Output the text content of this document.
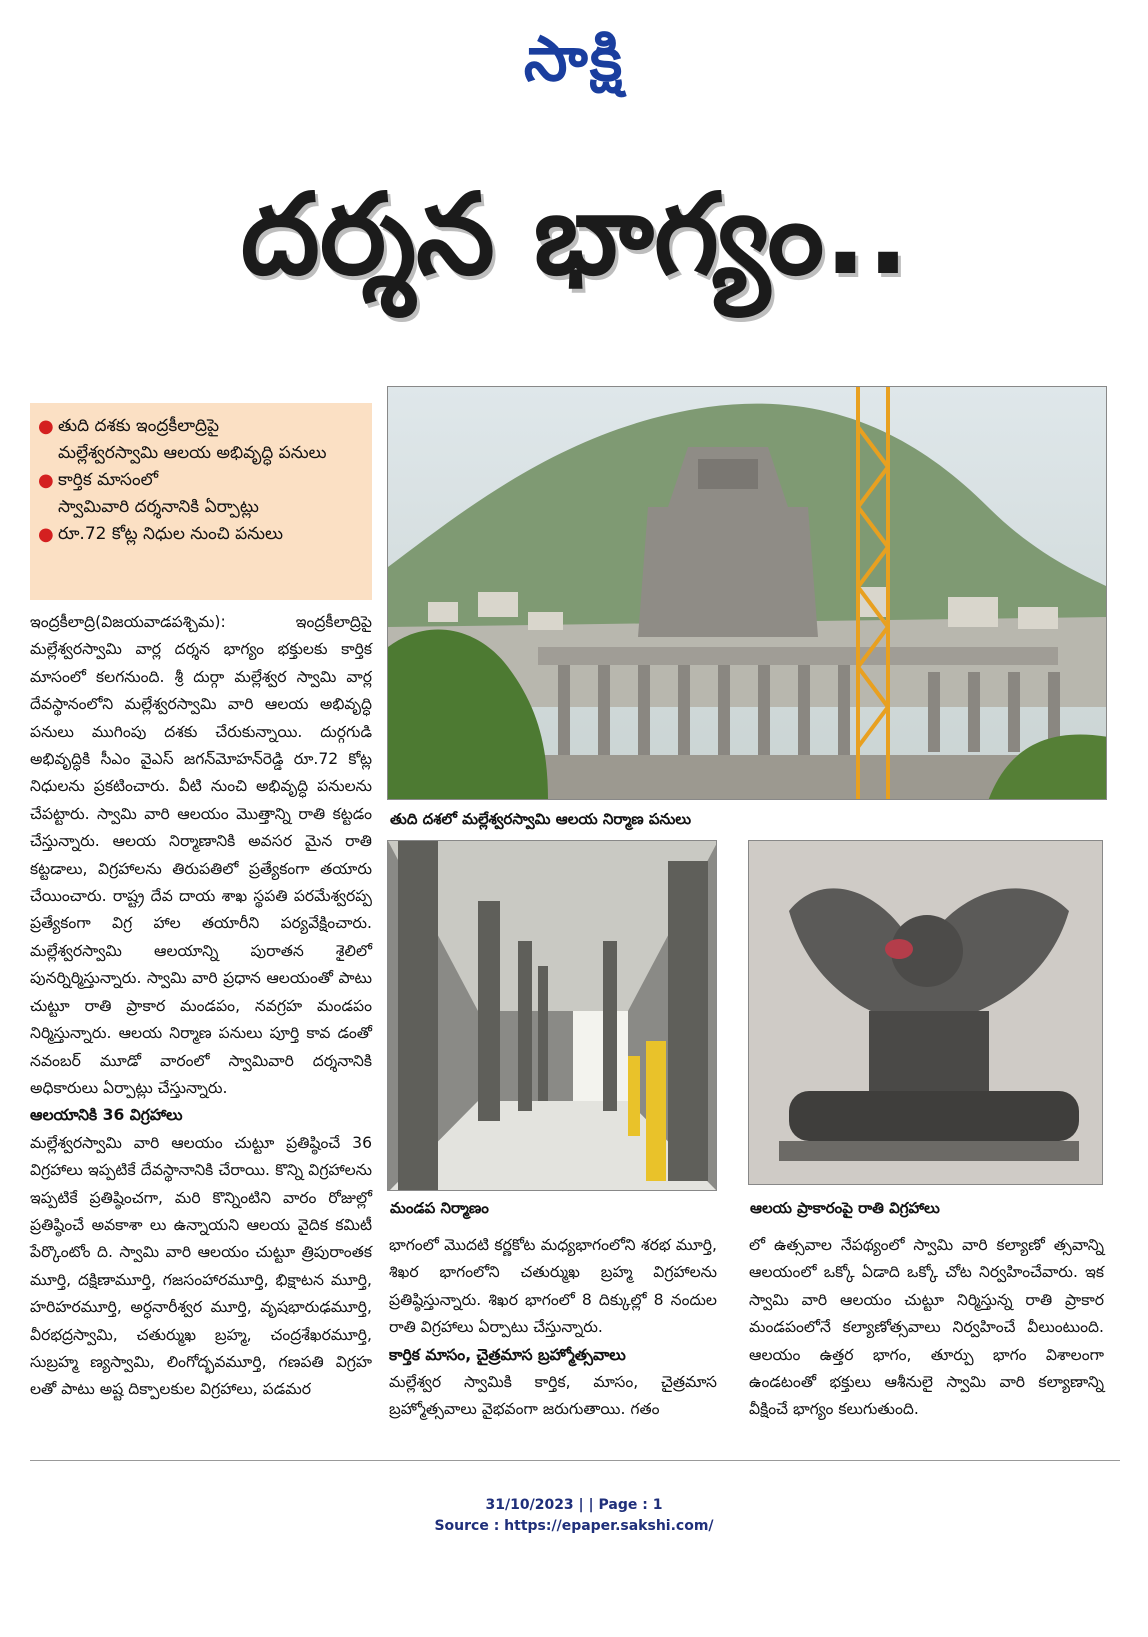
సాక్షి
దర్శన భాగ్యం..
● తుది దశకు ఇంద్రకీలాద్రిపై
మల్లేశ్వరస్వామి ఆలయ అభివృద్ధి పనులు
● కార్తిక మాసంలో
స్వామివారి దర్శనానికి ఏర్పాట్లు
● రూ.72 కోట్ల నిధుల నుంచి పనులు

ఇంద్రకీలాద్రి(విజయవాడపశ్చిమ): ఇంద్రకీలాద్రిపై మల్లేశ్వరస్వామి వార్ల దర్శన భాగ్యం భక్తులకు కార్తిక మాసంలో కలగనుంది. శ్రీ దుర్గా మల్లేశ్వర స్వామి వార్ల దేవస్థానంలోని మల్లేశ్వరస్వామి వారి ఆలయ అభివృద్ధి పనులు ముగింపు దశకు చేరుకున్నాయి. దుర్గగుడి అభివృద్ధికి సీఎం వైఎస్ జగన్‌మోహన్‌రెడ్డి రూ.72 కోట్ల నిధులను ప్రకటించారు. వీటి నుంచి అభివృద్ధి పనులను చేపట్టారు. స్వామి వారి ఆలయం మొత్తాన్ని రాతి కట్టడం చేస్తున్నారు. ఆలయ నిర్మాణానికి అవసర మైన రాతి కట్టడాలు, విగ్రహాలను తిరుపతిలో ప్రత్యేకంగా తయారు చేయించారు. రాష్ట్ర దేవ దాయ శాఖ స్థపతి పరమేశ్వరప్ప ప్రత్యేకంగా విగ్ర హాల తయారీని పర్యవేక్షించారు. మల్లేశ్వరస్వామి ఆలయాన్ని పురాతన శైలిలో పునర్నిర్మిస్తున్నారు. స్వామి వారి ప్రధాన ఆలయంతో పాటు చుట్టూ రాతి ప్రాకార మండపం, నవగ్రహ మండపం నిర్మిస్తున్నారు. ఆలయ నిర్మాణ పనులు పూర్తి కావ డంతో నవంబర్ మూడో వారంలో స్వామివారి దర్శనానికి అధికారులు ఏర్పాట్లు చేస్తున్నారు.

ఆలయానికి 36 విగ్రహాలు

మల్లేశ్వరస్వామి వారి ఆలయం చుట్టూ ప్రతిష్ఠించే 36 విగ్రహాలు ఇప్పటికే దేవస్థానానికి చేరాయి. కొన్ని విగ్రహాలను ఇప్పటికే ప్రతిష్ఠించగా, మరి కొన్నింటిని వారం రోజుల్లో ప్రతిష్ఠించే అవకాశా లు ఉన్నాయని ఆలయ వైదిక కమిటీ పేర్కొంటోం ది. స్వామి వారి ఆలయం చుట్టూ త్రిపురాంతక మూర్తి, దక్షిణామూర్తి, గజసంహారమూర్తి, భిక్షాటన మూర్తి, హరిహరమూర్తి, అర్ధనారీశ్వర మూర్తి, వృషభారుఢమూర్తి, వీరభద్రస్వామి, చతుర్ముఖ బ్రహ్మ, చంద్రశేఖరమూర్తి, సుబ్రహ్మ ణ్యస్వామి, లింగోద్భవమూర్తి, గణపతి విగ్రహ లతో పాటు అష్ట దిక్పాలకుల విగ్రహాలు, పడమర

తుది దశలో మల్లేశ్వరస్వామి ఆలయ నిర్మాణ పనులు
మండప నిర్మాణం	ఆలయ ప్రాకారంపై రాతి విగ్రహాలు

భాగంలో మొదటి కర్ణకోట మధ్యభాగంలోని శరభ మూర్తి, శిఖర భాగంలోని చతుర్ముఖ బ్రహ్మ విగ్రహాలను ప్రతిష్ఠిస్తున్నారు. శిఖర భాగంలో 8 దిక్కుల్లో 8 నందుల రాతి విగ్రహాలు ఏర్పాటు చేస్తున్నారు.

కార్తిక మాసం, చైత్రమాస బ్రహ్మోత్సవాలు

మల్లేశ్వర స్వామికి కార్తిక, మాసం, చైత్రమాస బ్రహ్మోత్సవాలు వైభవంగా జరుగుతాయి. గతం

లో ఉత్సవాల నేపథ్యంలో స్వామి వారి కల్యాణో త్సవాన్ని ఆలయంలో ఒక్కో ఏడాది ఒక్కో చోట నిర్వహించేవారు. ఇక స్వామి వారి ఆలయం చుట్టూ నిర్మిస్తున్న రాతి ప్రాకార మండపంలోనే కల్యాణోత్సవాలు నిర్వహించే వీలుంటుంది. ఆలయం ఉత్తర భాగం, తూర్పు భాగం విశాలంగా ఉండటంతో భక్తులు ఆశీనులై స్వామి వారి కల్యాణాన్ని వీక్షించే భాగ్యం కలుగుతుంది.

31/10/2023 | | Page : 1
Source : https://epaper.sakshi.com/
